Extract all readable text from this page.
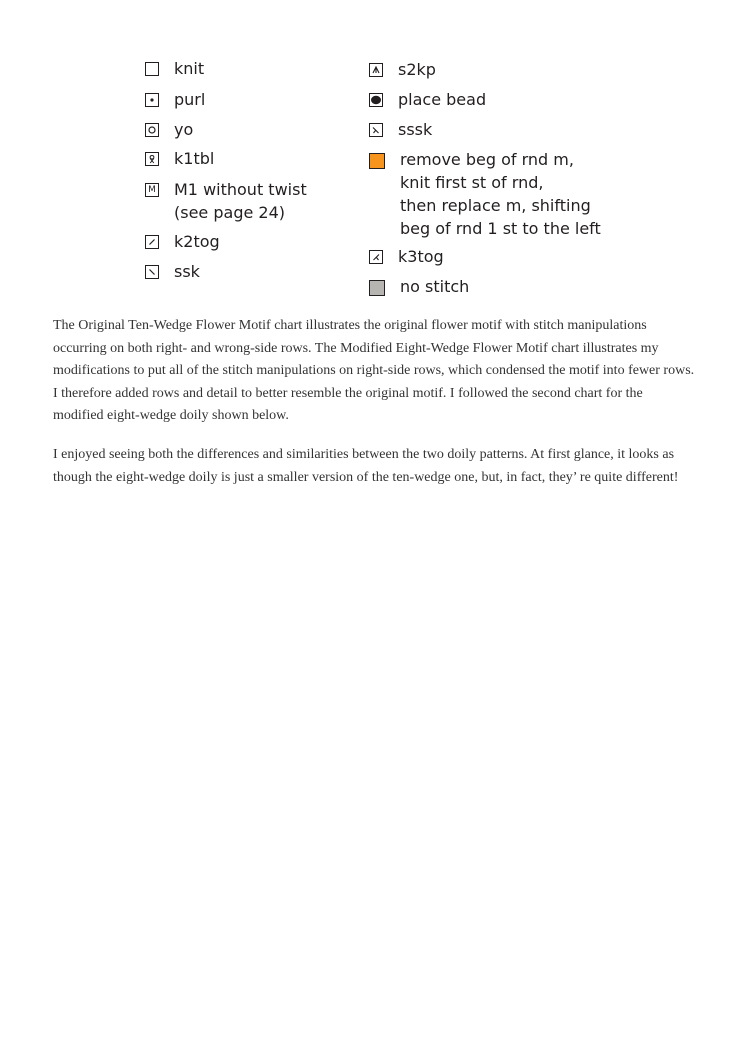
knit
purl
yo
k1tbl
M M1 without twist
(see page 24)
k2tog
ssk
s2kp
place bead
sssk
remove beg of rnd m,
knit first st of rnd,
then replace m, shifting
beg of rnd 1 st to the left
k3tog
no stitch

The Original Ten-Wedge Flower Motif chart illustrates the original flower motif with stitch manipulations occurring on both right- and wrong-side rows. The Modified Eight-Wedge Flower Motif chart illustrates my modifications to put all of the stitch manipulations on right-side rows, which condensed the motif into fewer rows. I therefore added rows and detail to better resemble the original motif. I followed the second chart for the modified eight-wedge doily shown below.

I enjoyed seeing both the differences and similarities between the two doily patterns. At first glance, it looks as though the eight-wedge doily is just a smaller version of the ten-wedge one, but, in fact, they’ re quite different!
